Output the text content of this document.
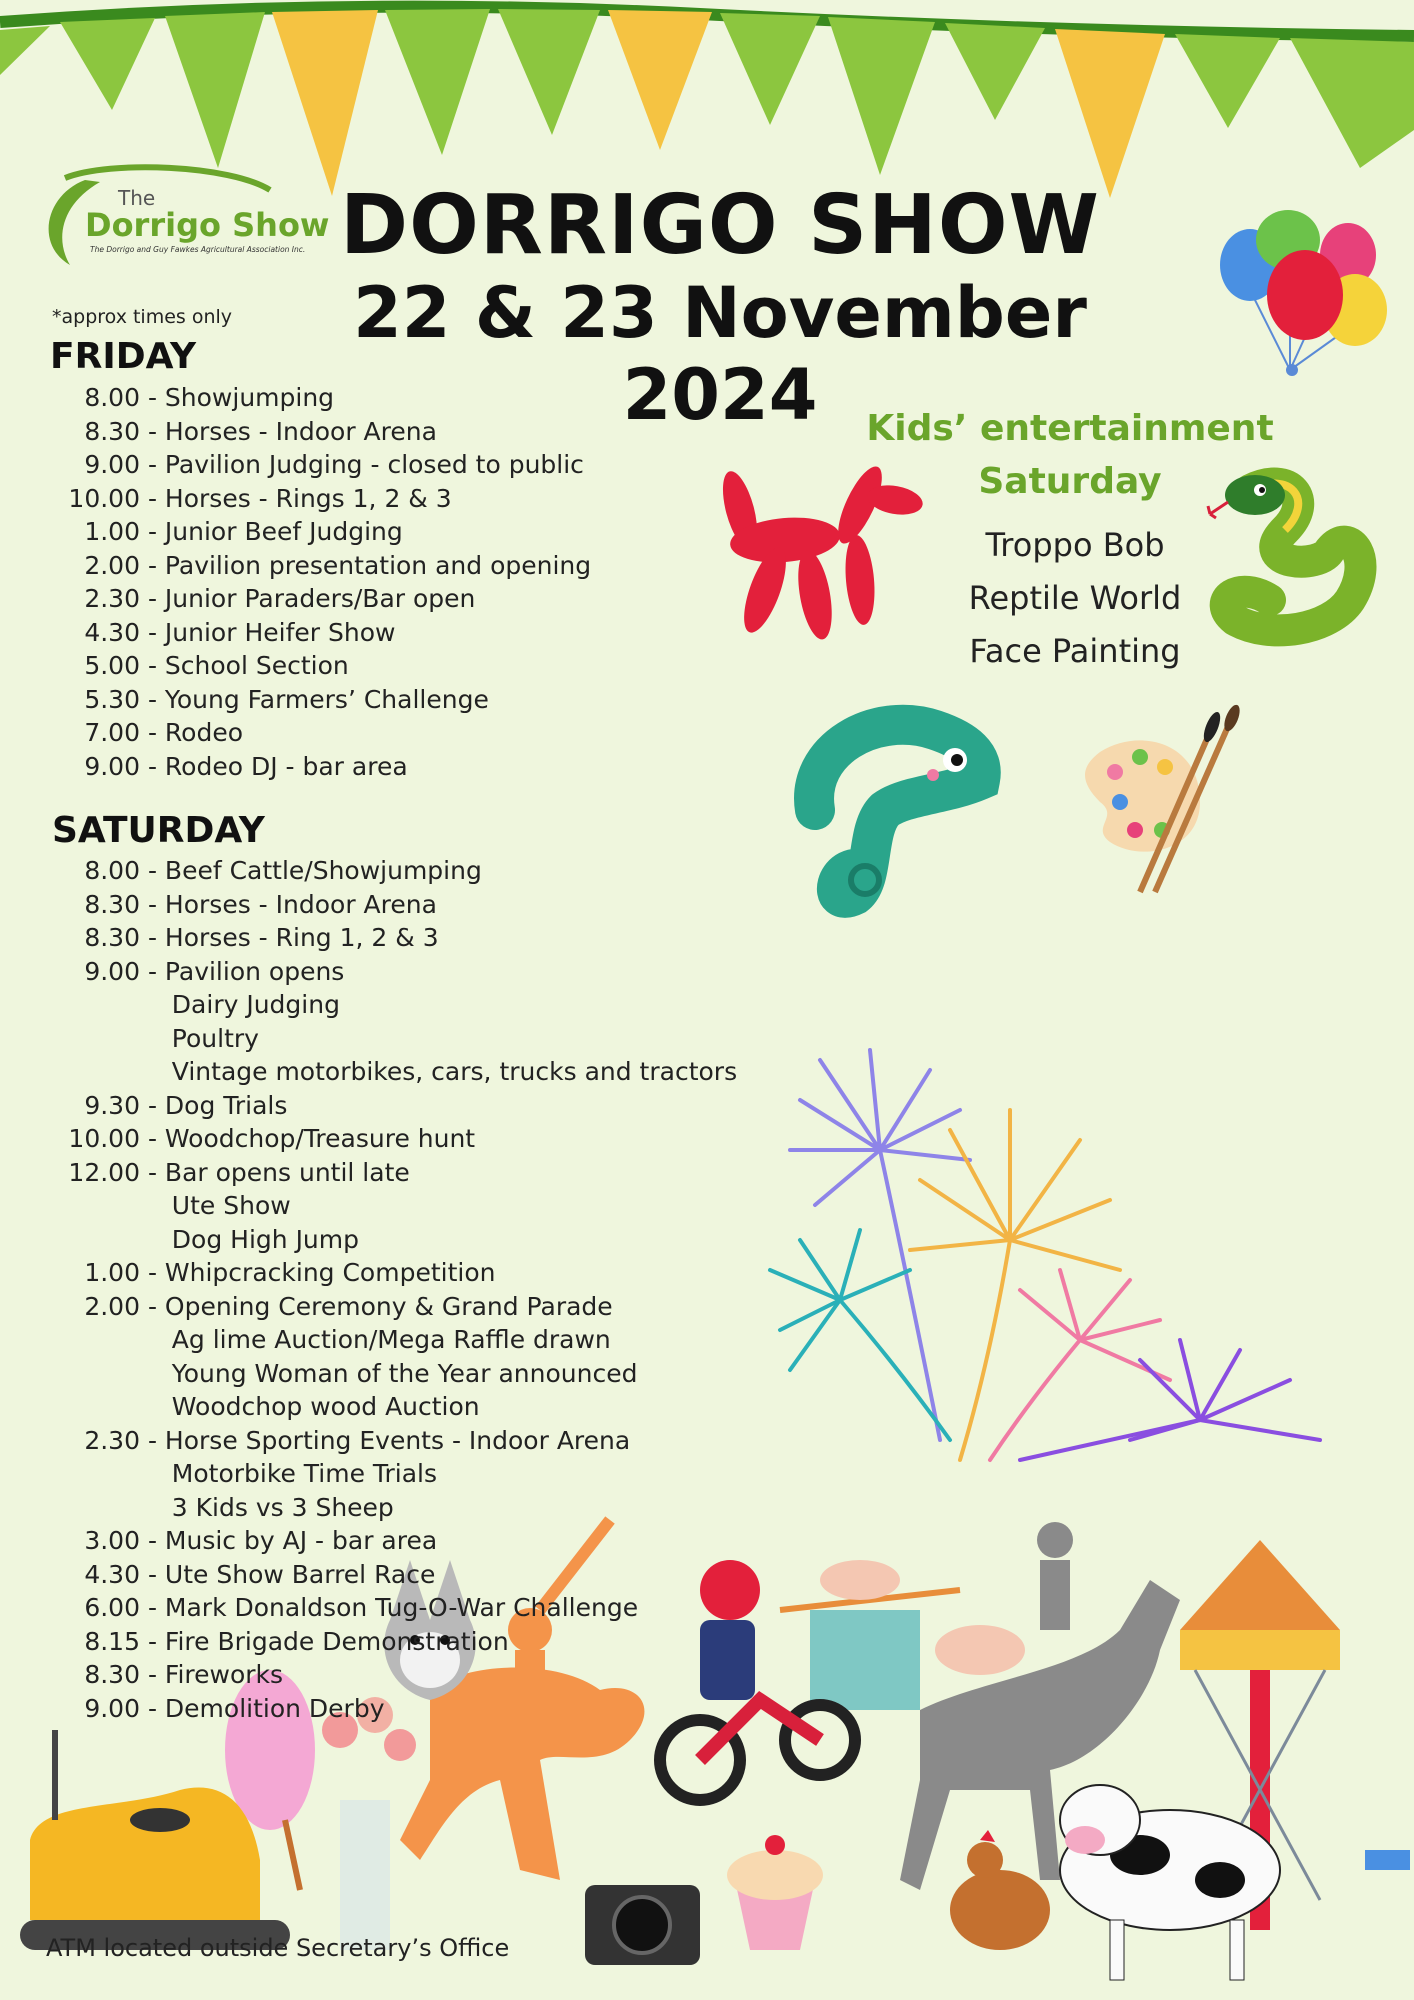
The
Dorrigo Show
The Dorrigo and Guy Fawkes Agricultural Association Inc. DORRIGO SHOW
22 & 23 November 2024
*approx times only
Kids’ entertainment
Saturday
Troppo Bob
Reptile World
Face Painting
FRIDAY
8.00 - Showjumping
8.30 - Horses - Indoor Arena
9.00 - Pavilion Judging - closed to public
10.00 - Horses - Rings 1, 2 & 3
1.00 - Junior Beef Judging
2.00 - Pavilion presentation and opening
2.30 - Junior Paraders/Bar open
4.30 - Junior Heifer Show
5.00 - School Section
5.30 - Young Farmers’ Challenge
7.00 - Rodeo
9.00 - Rodeo DJ - bar area
SATURDAY
8.00 - Beef Cattle/Showjumping
8.30 - Horses - Indoor Arena
8.30 - Horses - Ring 1, 2 & 3
9.00 - Pavilion opens
Dairy Judging
Poultry
Vintage motorbikes, cars, trucks and tractors
9.30 - Dog Trials
10.00 - Woodchop/Treasure hunt
12.00 - Bar opens until late
Ute Show
Dog High Jump
1.00 - Whipcracking Competition
2.00 - Opening Ceremony & Grand Parade
Ag lime Auction/Mega Raffle drawn
Young Woman of the Year announced
Woodchop wood Auction
2.30 - Horse Sporting Events - Indoor Arena
Motorbike Time Trials
3 Kids vs 3 Sheep
3.00 - Music by AJ - bar area
4.30 - Ute Show Barrel Race
6.00 - Mark Donaldson Tug-O-War Challenge
8.15 - Fire Brigade Demonstration
8.30 - Fireworks
9.00 - Demolition Derby
ATM located outside Secretary’s Office
